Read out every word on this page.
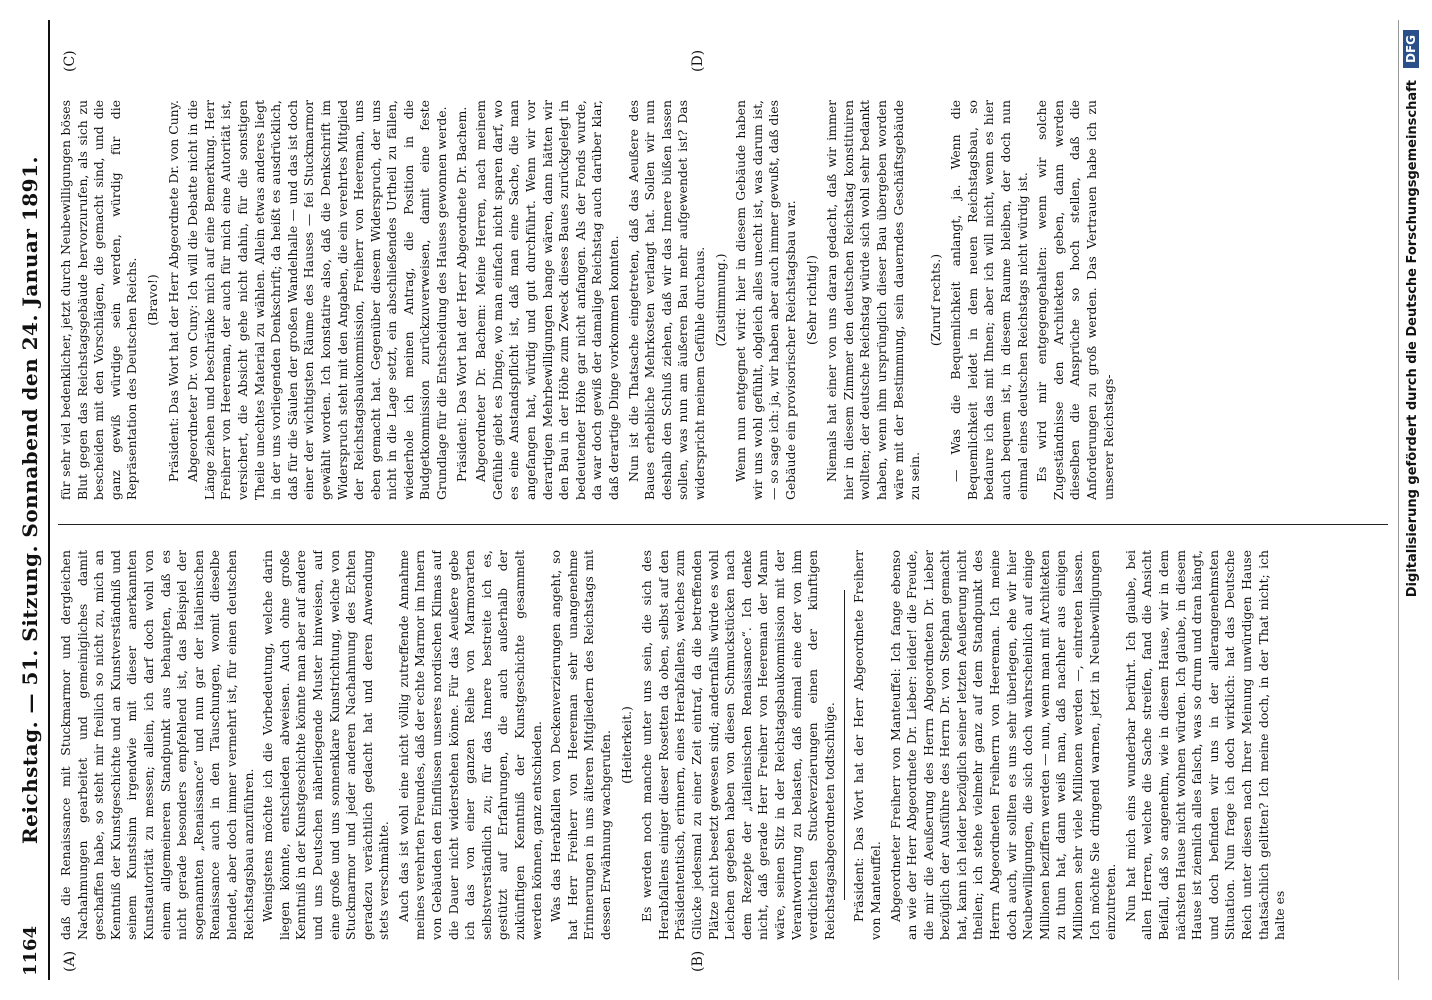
1164
Reichstag. — 51. Sitzung. Sonnabend den 24. Januar 1891.
(A)	(B)
(C)	(D)

daß die Renaissance mit Stuckmarmor und dergleichen Nachahmungen gearbeitet und gemeinigliches damit geschaffen habe, so steht mir freilich so nicht zu, mich an Kenntniß der Kunstgeschichte und an Kunstverständniß und seinem Kunstsinn irgendwie mit dieser anerkannten Kunstautorität zu messen; allein, ich darf doch wohl von einem allgemeineren Standpunkt aus behaupten, daß es nicht gerade besonders empfehlend ist, das Beispiel der sogenannten „Renaissance“ und nun gar der italienischen Renaissance auch in den Täuschungen, womit dieselbe blendet, aber doch immer vermehrt ist, für einen deutschen Reichstagsbau anzuführen. Wenigstens möchte ich die Vorbedeutung, welche darin liegen könnte, entschieden abweisen. Auch ohne große Kenntniß in der Kunstgeschichte könnte man aber auf andere und uns Deutschen näherliegende Muster hinweisen, auf eine große und uns sonnenklare Kunstrichtung, welche von Stuckmarmor und jeder anderen Nachahmung des Echten geradezu verächtlich gedacht hat und deren Anwendung stets verschmähte. Auch das ist wohl eine nicht völlig zutreffende Annahme meines verehrten Freundes, daß der echte Marmor im Innern von Gebäuden den Einflüssen unseres nordischen Klimas auf die Dauer nicht widerstehen könne. Für das Aeußere gebe ich das von einer ganzen Reihe von Marmorarten selbstverständlich zu; für das Innere bestreite ich es, gestützt auf Erfahrungen, die auch außerhalb der zukünftigen Kenntniß der Kunstgeschichte gesammelt werden können, ganz entschieden. Was das Herabfallen von Deckenverzierungen angeht, so hat Herr Freiherr von Heereman sehr unangenehme Erinnerungen in uns älteren Mitgliedern des Reichstags mit dessen Erwähnung wachgerufen. (Heiterkeit.) Es werden noch manche unter uns sein, die sich des Herabfallens einiger dieser Rosetten da oben, selbst auf den Präsidententisch, erinnern, eines Herabfallens, welches zum Glücke jedesmal zu einer Zeit eintraf, da die betreffenden Plätze nicht besetzt gewesen sind; andernfalls würde es wohl Leichen gegeben haben von diesen Schmuckstücken nach dem Rezepte der „italienischen Renaissance“. Ich denke nicht, daß gerade Herr Freiherr von Heereman der Mann wäre, seinen Sitz in der Reichstagsbaukommission mit der Verantwortung zu belasten, daß einmal eine der von ihm verdichteten Stuckverzierungen einen der künftigen Reichstagsabgeordneten todtschlüge. Präsident: Das Wort hat der Herr Abgeordnete Freiherr von Manteuffel. Abgeordneter Freiherr von Manteuffel: Ich fange ebenso an wie der Herr Abgeordnete Dr. Lieber: leider! die Freude, die mir die Aeußerung des Herrn Abgeordneten Dr. Lieber bezüglich der Ausführe des Herrn Dr. von Stephan gemacht hat, kann ich leider bezüglich seiner letzten Aeußerung nicht theilen; ich stehe vielmehr ganz auf dem Standpunkt des Herrn Abgeordneten Freiherrn von Heereman. Ich meine doch auch, wir sollten es uns sehr überlegen, ehe wir hier Neubewilligungen, die sich doch wahrscheinlich auf einige Millionen beziffern werden — nun, wenn man mit Architekten zu thun hat, dann weiß man, daß nachher aus einigen Millionen sehr viele Millionen werden —, eintreten lassen. Ich möchte Sie dringend warnen, jetzt in Neubewilligungen einzutreten. Nun hat mich eins wunderbar berührt. Ich glaube, bei allen Herren, welche die Sache streifen, fand die Ansicht Beifall, daß so angenehm, wie in diesem Hause, wir in dem nächsten Hause nicht wohnen würden. Ich glaube, in diesem Hause ist ziemlich alles falsch, was so drum und dran hängt, und doch befinden wir uns in der allerangenehmsten Situation. Nun frage ich doch wirklich: hat das Deutsche Reich unter diesen nach Ihrer Meinung unwürdigen Hause thatsächlich gelitten? Ich meine doch, in der That nicht; ich halte es

für sehr viel bedenklicher, jetzt durch Neubewilligungen böses Blut gegen das Reichstagsgebäude hervorzurufen, als sich zu bescheiden mit den Vorschlägen, die gemacht sind, und die ganz gewiß würdige sein werden, würdig für die Repräsentation des Deutschen Reichs. (Bravo!) Präsident: Das Wort hat der Herr Abgeordnete Dr. von Cuny. Abgeordneter Dr. von Cuny: Ich will die Debatte nicht in die Länge ziehen und beschränke mich auf eine Bemerkung. Herr Freiherr von Heereman, der auch für mich eine Autorität ist, versichert, die Absicht gehe nicht dahin, für die sonstigen Theile unechtes Material zu wählen. Allein etwas anderes liegt in der uns vorliegenden Denkschrift; da heißt es ausdrücklich, daß für die Säulen der großen Wandelhalle — und das ist doch einer der wichtigsten Räume des Hauses — fei Stuckmarmor gewählt worden. Ich konstatire also, daß die Denkschrift im Widerspruch steht mit den Angaben, die ein verehrtes Mitglied der Reichstagsbaukommission, Freiherr von Heereman, uns eben gemacht hat. Gegenüber diesem Widerspruch, der uns nicht in die Lage setzt, ein abschließendes Urtheil zu fällen, wiederhole ich meinen Antrag, die Position in die Budgetkommission zurückzuverweisen, damit eine feste Grundlage für die Entscheidung des Hauses gewonnen werde. Präsident: Das Wort hat der Herr Abgeordnete Dr. Bachem. Abgeordneter Dr. Bachem: Meine Herren, nach meinem Gefühle giebt es Dinge, wo man einfach nicht sparen darf, wo es eine Anstandspflicht ist, daß man eine Sache, die man angefangen hat, würdig und gut durchführt. Wenn wir vor derartigen Mehrbewilligungen bange wären, dann hätten wir den Bau in der Höhe zum Zweck dieses Baues zurückgelegt in bedeutender Höhe gar nicht anfangen. Als der Fonds wurde, da war doch gewiß der damalige Reichstag auch darüber klar, daß derartige Dinge vorkommen konnten. Nun ist die Thatsache eingetreten, daß das Aeußere des Baues erhebliche Mehrkosten verlangt hat. Sollen wir nun deshalb den Schluß ziehen, daß wir das Innere büßen lassen sollen, was nun am äußeren Bau mehr aufgewendet ist? Das widerspricht meinem Gefühle durchaus. (Zustimmung.) Wenn nun entgegnet wird: hier in diesem Gebäude haben wir uns wohl gefühlt, obgleich alles unecht ist, was darum ist, — so sage ich: ja, wir haben aber auch immer gewußt, daß dies Gebäude ein provisorischer Reichstagsbau war. (Sehr richtig!) Niemals hat einer von uns daran gedacht, daß wir immer hier in diesem Zimmer den deutschen Reichstag konstituiren wollten; der deutsche Reichstag würde sich wohl sehr bedankt haben, wenn ihm ursprünglich dieser Bau übergeben worden wäre mit der Bestimmung, sein dauerndes Geschäftsgebäude zu sein.

(Zuruf rechts.) — Was die Bequemlichkeit anlangt, ja. Wenn die Bequemlichkeit leidet in dem neuen Reichstagsbau, so bedaure ich das mit Ihnen; aber ich will nicht, wenn es hier auch bequem ist, in diesem Raume bleiben, der doch nun einmal eines deutschen Reichstags nicht würdig ist. Es wird mir entgegengehalten: wenn wir solche Zugeständnisse den Architekten geben, dann werden dieselben die Ansprüche so hoch stellen, daß die Anforderungen zu groß werden. Das Vertrauen habe ich zu unserer Reichstags-	Digitalisierung gefördert durch die Deutsche Forschungsgemeinschaft
DFG
